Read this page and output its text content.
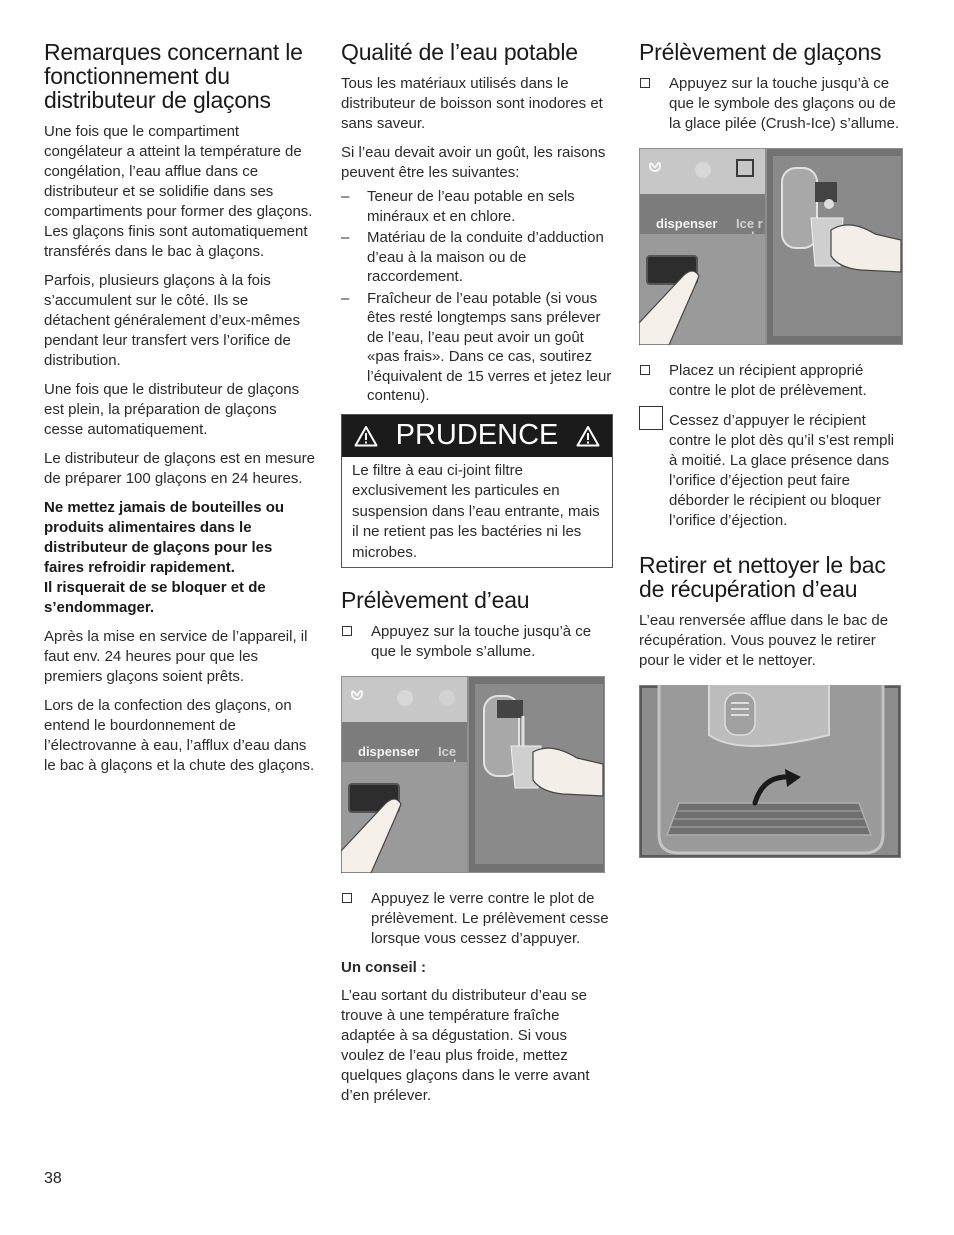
Remarques concernant le fonctionnement du distributeur de glaçons

Une fois que le compartiment congélateur a atteint la température de congélation, l’eau afflue dans ce distributeur et se solidifie dans ses compartiments pour former des glaçons. Les glaçons finis sont automatiquement transférés dans le bac à glaçons.

Parfois, plusieurs glaçons à la fois s’accumulent sur le côté. Ils se détachent généralement d’eux-mêmes pendant leur transfert vers l’orifice de distribution.

Une fois que le distributeur de glaçons est plein, la préparation de glaçons cesse automatiquement.

Le distributeur de glaçons est en mesure de préparer 100 glaçons en 24 heures.

Ne mettez jamais de bouteilles ou produits alimentaires dans le distributeur de glaçons pour les faires refroidir rapidement.
Il risquerait de se bloquer et de s’endommager.

Après la mise en service de l’appareil, il faut env. 24 heures pour que les premiers glaçons soient prêts.

Lors de la confection des glaçons, on entend le bourdonnement de l’électrovanne à eau, l’afflux d’eau dans le bac à glaçons et la chute des glaçons.

Qualité de l’eau potable

Tous les matériaux utilisés dans le distributeur de boisson sont inodores et sans saveur.

Si l’eau devait avoir un goût, les raisons peuvent être les suivantes:

– Teneur de l’eau potable en sels minéraux et en chlore.
– Matériau de la conduite d’adduction d’eau à la maison ou de raccordement.
– Fraîcheur de l’eau potable (si vous êtes resté longtemps sans prélever de l’eau, l’eau peut avoir un goût «pas frais». Dans ce cas, soutirez l’équivalent de 15 verres et jetez leur contenu).
PRUDENCE
Le filtre à eau ci-joint filtre exclusivement les particules en suspension dans l’eau entrante, mais il ne retient pas les bactéries ni les microbes.
Prélèvement d’eau
Appuyez sur la touche jusqu’à ce que le symbole s’allume.
dispenser Ice
Appuyez le verre contre le plot de prélèvement. Le prélèvement cesse lorsque vous cessez d’appuyer.
Un conseil :

L’eau sortant du distributeur d’eau se trouve à une température fraîche adaptée à sa dégustation. Si vous voulez de l’eau plus froide, mettez quelques glaçons dans le verre avant d’en prélever.

Prélèvement de glaçons
Appuyez sur la touche jusqu’à ce que le symbole des glaçons ou de la glace pilée (Crush-Ice) s’allume.
dispenser Ice r
Placez un récipient approprié contre le plot de prélèvement.
Cessez d’appuyer le récipient contre le plot dès qu’il s’est rempli à moitié. La glace présence dans l’orifice d’éjection peut faire déborder le récipient ou bloquer l’orifice d’éjection.
Retirer et nettoyer le bac de récupération d’eau

L’eau renversée afflue dans le bac de récupération. Vous pouvez le retirer pour le vider et le nettoyer.

38
